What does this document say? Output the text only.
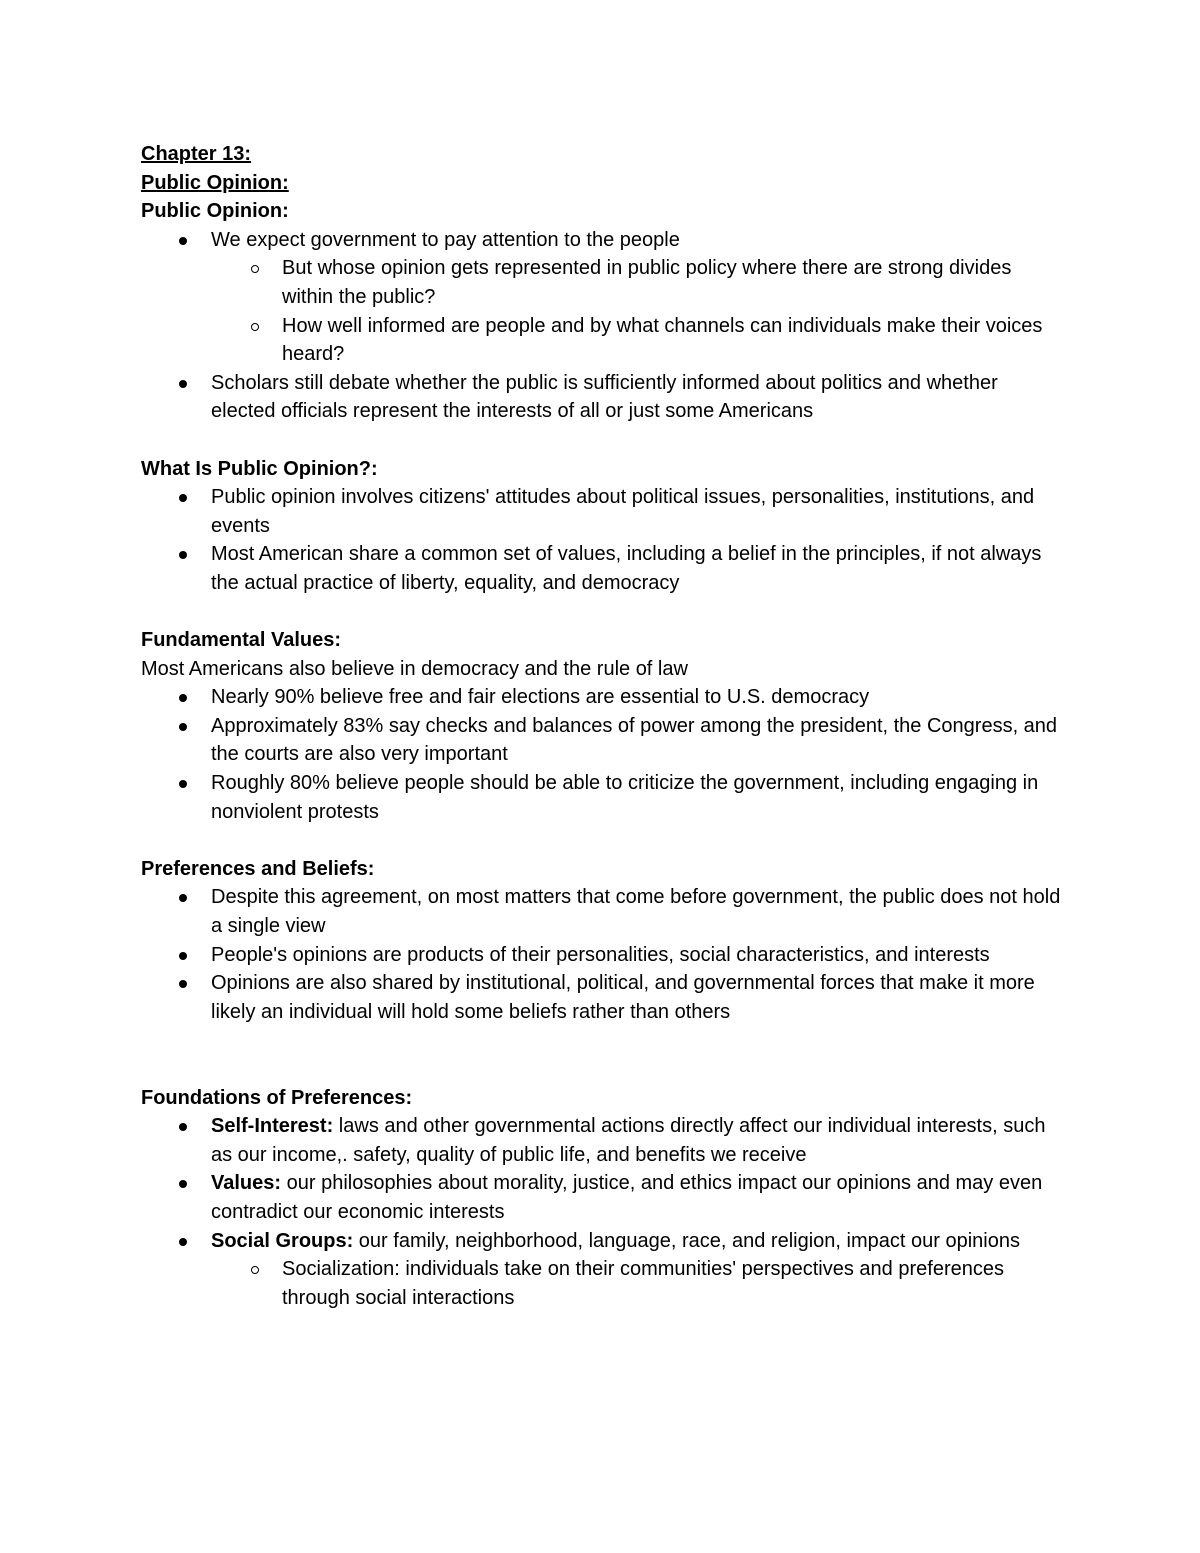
Chapter 13:

Public Opinion:

Public Opinion:

We expect government to pay attention to the people
But whose opinion gets represented in public policy where there are strong divides within the public?
How well informed are people and by what channels can individuals make their voices heard?
Scholars still debate whether the public is sufficiently informed about politics and whether elected officials represent the interests of all or just some Americans

What Is Public Opinion?:

Public opinion involves citizens' attitudes about political issues, personalities, institutions, and events
Most American share a common set of values, including a belief in the principles, if not always the actual practice of liberty, equality, and democracy

Fundamental Values:

Most Americans also believe in democracy and the rule of law

Nearly 90% believe free and fair elections are essential to U.S. democracy
Approximately 83% say checks and balances of power among the president, the Congress, and the courts are also very important
Roughly 80% believe people should be able to criticize the government, including engaging in nonviolent protests

Preferences and Beliefs:

Despite this agreement, on most matters that come before government, the public does not hold a single view
People's opinions are products of their personalities, social characteristics, and interests
Opinions are also shared by institutional, political, and governmental forces that make it more likely an individual will hold some beliefs rather than others

Foundations of Preferences:

Self-Interest: laws and other governmental actions directly affect our individual interests, such as our income,. safety, quality of public life, and benefits we receive
Values: our philosophies about morality, justice, and ethics impact our opinions and may even contradict our economic interests
Social Groups: our family, neighborhood, language, race, and religion, impact our opinions
Socialization: individuals take on their communities' perspectives and preferences through social interactions
